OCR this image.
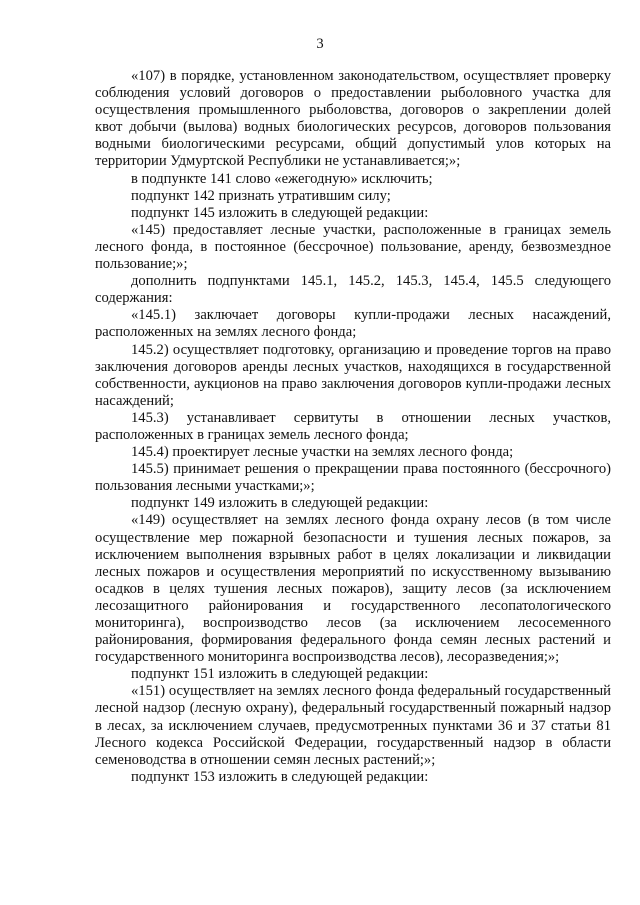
3

«107) в порядке, установленном законодательством, осуществляет проверку соблюдения условий договоров о предоставлении рыболовного участка для осуществления промышленного рыболовства, договоров о закреплении долей квот добычи (вылова) водных биологических ресурсов, договоров пользования водными биологическими ресурсами, общий допустимый улов которых на территории Удмуртской Республики не устанавливается;»;

в подпункте 141 слово «ежегодную» исключить;

подпункт 142 признать утратившим силу;

подпункт 145 изложить в следующей редакции:

«145) предоставляет лесные участки, расположенные в границах земель лесного фонда, в постоянное (бессрочное) пользование, аренду, безвозмездное пользование;»;

дополнить подпунктами 145.1, 145.2, 145.3, 145.4, 145.5 следующего содержания:

«145.1) заключает договоры купли-продажи лесных насаждений, расположенных на землях лесного фонда;

145.2) осуществляет подготовку, организацию и проведение торгов на право заключения договоров аренды лесных участков, находящихся в государственной собственности, аукционов на право заключения договоров купли-продажи лесных насаждений;

145.3) устанавливает сервитуты в отношении лесных участков, расположенных в границах земель лесного фонда;

145.4) проектирует лесные участки на землях лесного фонда;

145.5) принимает решения о прекращении права постоянного (бессрочного) пользования лесными участками;»;

подпункт 149 изложить в следующей редакции:

«149) осуществляет на землях лесного фонда охрану лесов (в том числе осуществление мер пожарной безопасности и тушения лесных пожаров, за исключением выполнения взрывных работ в целях локализации и ликвидации лесных пожаров и осуществления мероприятий по искусственному вызыванию осадков в целях тушения лесных пожаров), защиту лесов (за исключением лесозащитного районирования и государственного лесопатологического мониторинга), воспроизводство лесов (за исключением лесосеменного районирования, формирования федерального фонда семян лесных растений и государственного мониторинга воспроизводства лесов), лесоразведения;»;

подпункт 151 изложить в следующей редакции:

«151) осуществляет на землях лесного фонда федеральный государственный лесной надзор (лесную охрану), федеральный государственный пожарный надзор в лесах, за исключением случаев, предусмотренных пунктами 36 и 37 статьи 81 Лесного кодекса Российской Федерации, государственный надзор в области семеноводства в отношении семян лесных растений;»;

подпункт 153 изложить в следующей редакции:
